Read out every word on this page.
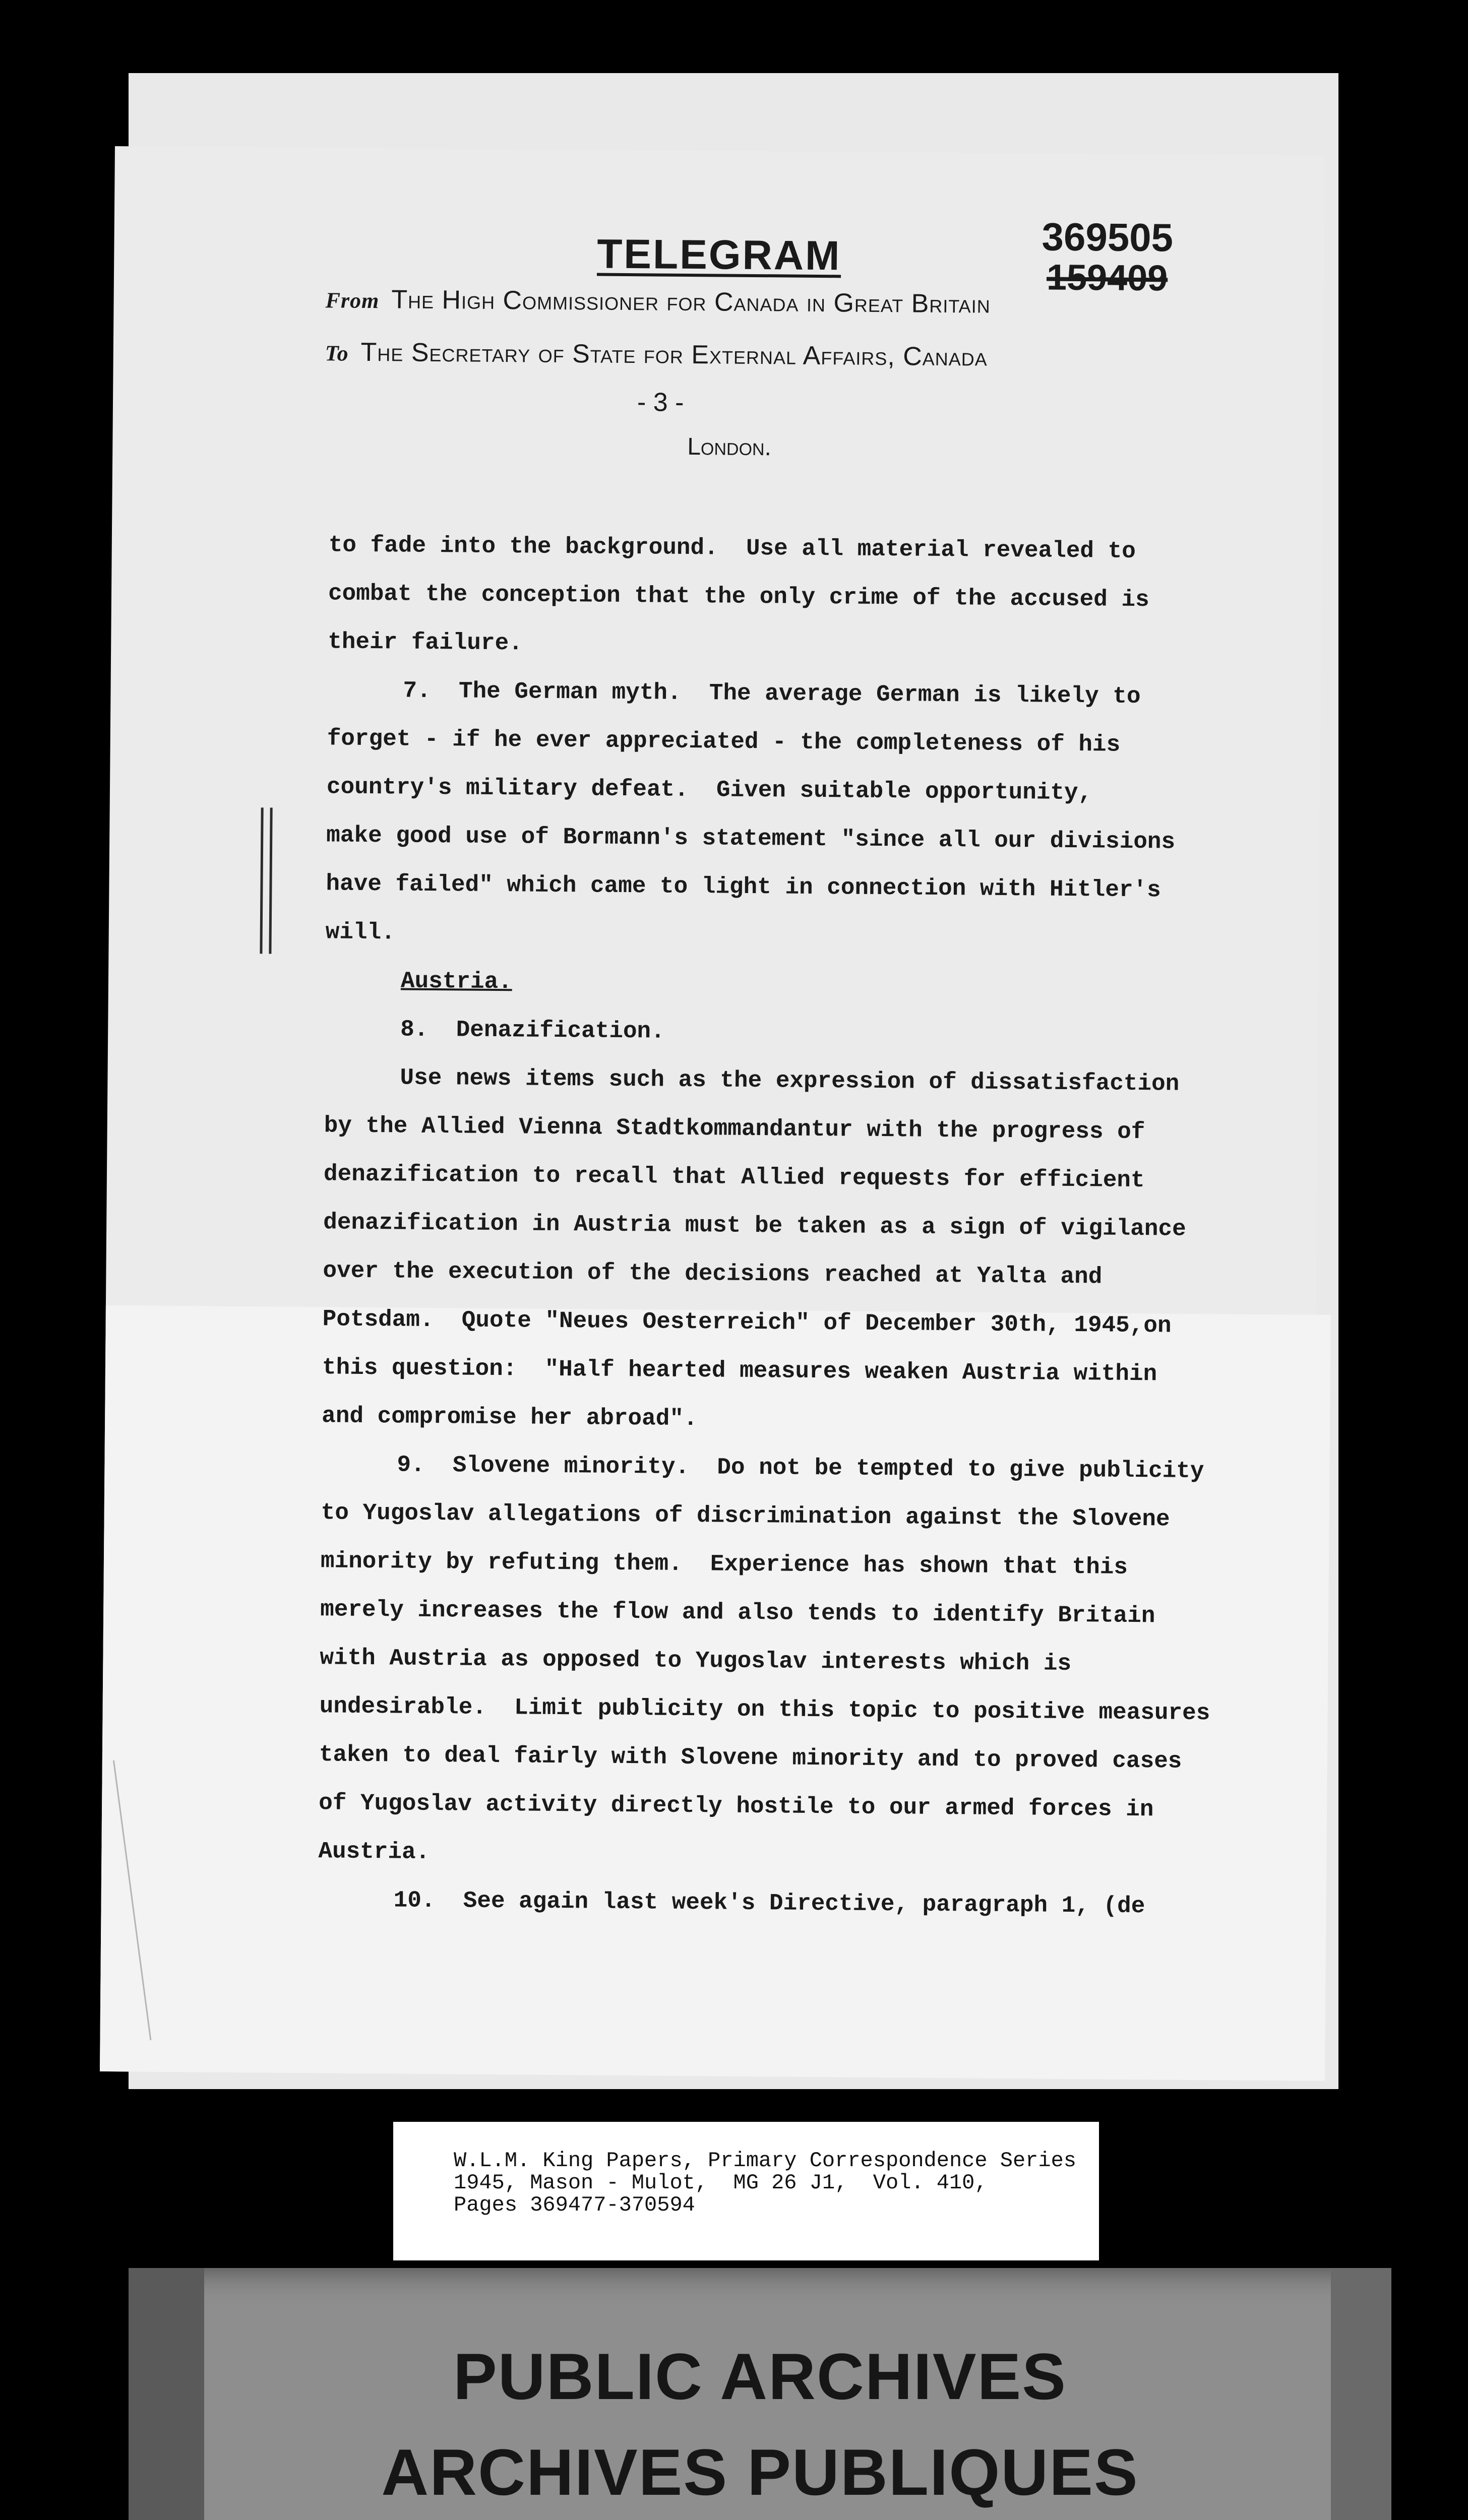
TELEGRAM	369505
159409
From The High Commissioner for Canada in Great Britain
To The Secretary of State for External Affairs, Canada
- 3 -
London.
to fade into the background.  Use all material revealed to
combat the conception that the only crime of the accused is
their failure.
7.  The German myth.  The average German is likely to
forget - if he ever appreciated - the completeness of his
country's military defeat.  Given suitable opportunity,
make good use of Bormann's statement "since all our divisions
have failed" which came to light in connection with Hitler's
will.
Austria.
8.  Denazification.
Use news items such as the expression of dissatisfaction
by the Allied Vienna Stadtkommandantur with the progress of
denazification to recall that Allied requests for efficient
denazification in Austria must be taken as a sign of vigilance
over the execution of the decisions reached at Yalta and
Potsdam.  Quote "Neues Oesterreich" of December 30th, 1945,on
this question:  "Half hearted measures weaken Austria within
and compromise her abroad".
9.  Slovene minority.  Do not be tempted to give publicity
to Yugoslav allegations of discrimination against the Slovene
minority by refuting them.  Experience has shown that this
merely increases the flow and also tends to identify Britain
with Austria as opposed to Yugoslav interests which is
undesirable.  Limit publicity on this topic to positive measures
taken to deal fairly with Slovene minority and to proved cases
of Yugoslav activity directly hostile to our armed forces in
Austria.
10.  See again last week's Directive, paragraph 1, (de
W.L.M. King Papers, Primary Correspondence Series
1945, Mason - Mulot,  MG 26 J1,  Vol. 410,
Pages 369477-370594
PUBLIC ARCHIVES
ARCHIVES PUBLIQUES
